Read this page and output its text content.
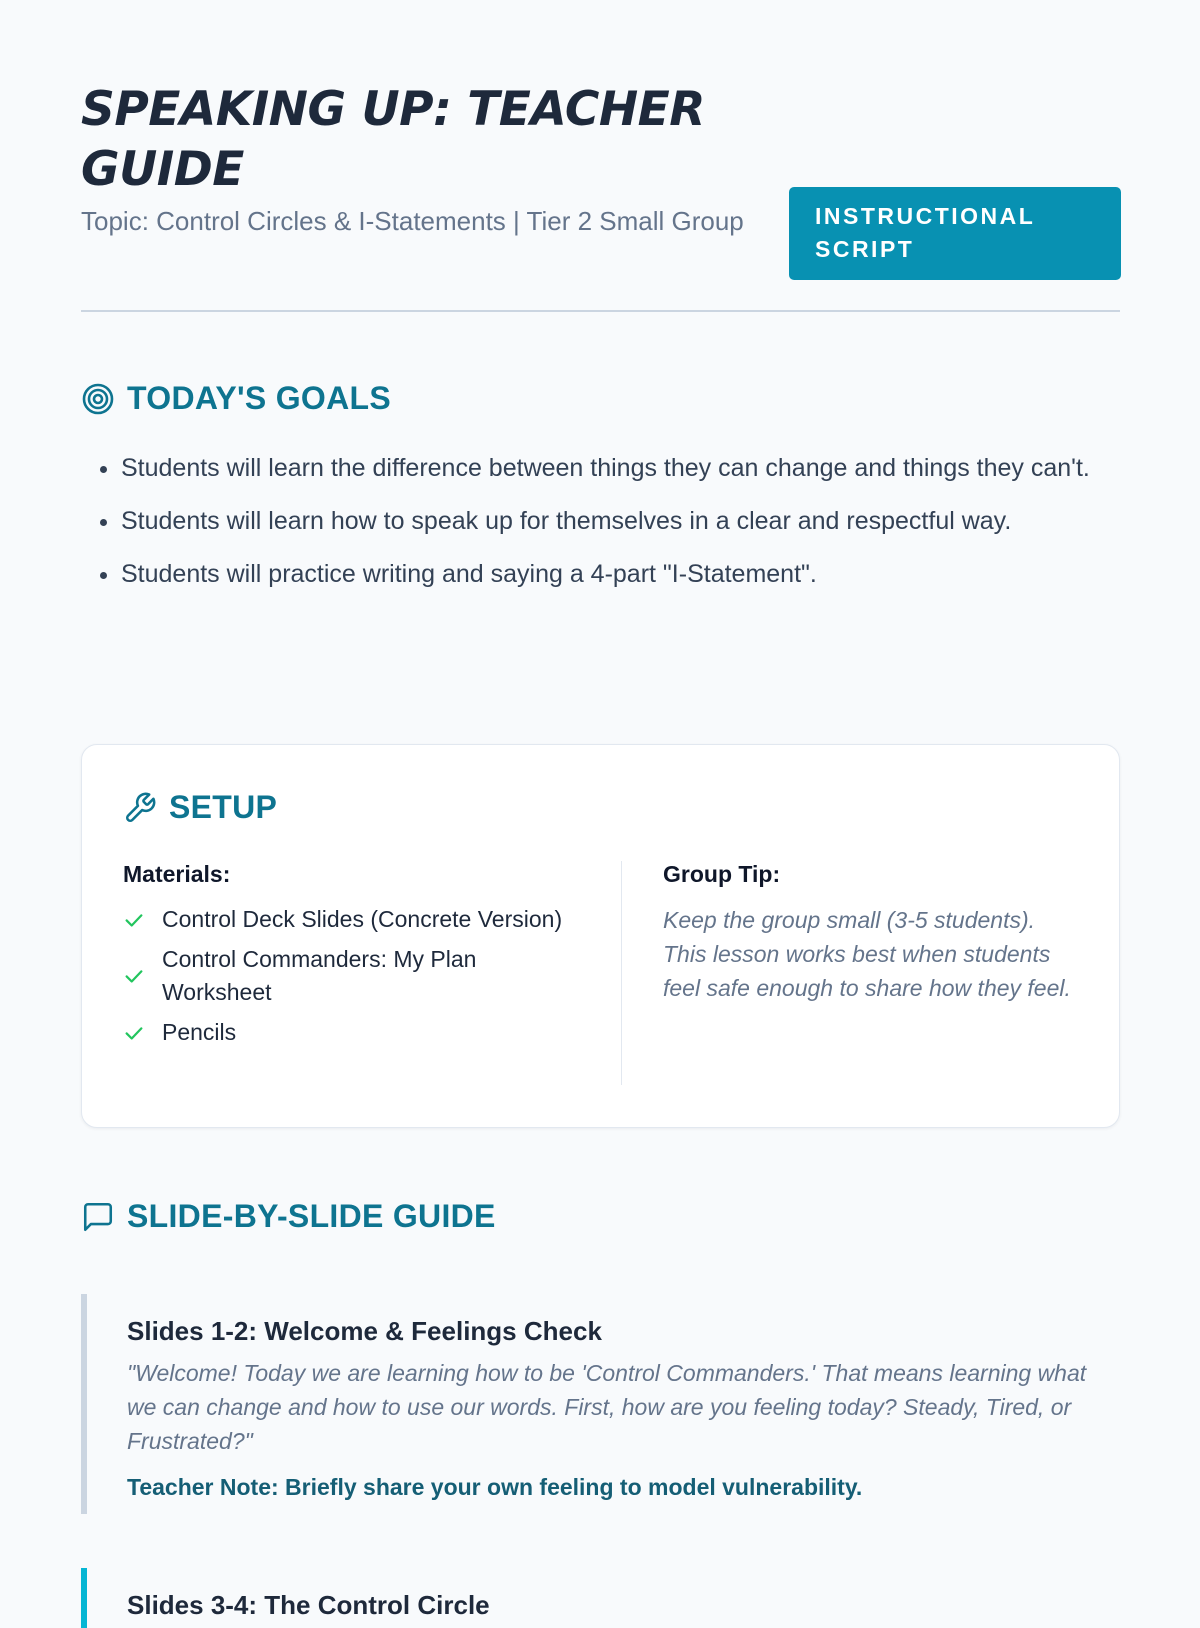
SPEAKING UP: TEACHER GUIDE
Topic: Control Circles & I-Statements | Tier 2 Small Group	INSTRUCTIONAL SCRIPT
TODAY'S GOALS
• Students will learn the difference between things they can change and things they can't.
• Students will learn how to speak up for themselves in a clear and respectful way.
• Students will practice writing and saying a 4-part "I-Statement".
SETUP
Materials:
Control Deck Slides (Concrete Version)
Control Commanders: My Plan Worksheet
Pencils
Group Tip:

Keep the group small (3-5 students). This lesson works best when students feel safe enough to share how they feel.

SLIDE-BY-SLIDE GUIDE
Slides 1-2: Welcome & Feelings Check

"Welcome! Today we are learning how to be 'Control Commanders.' That means learning what we can change and how to use our words. First, how are you feeling today? Steady, Tired, or Frustrated?"

Teacher Note: Briefly share your own feeling to model vulnerability.

Slides 3-4: The Control Circle
